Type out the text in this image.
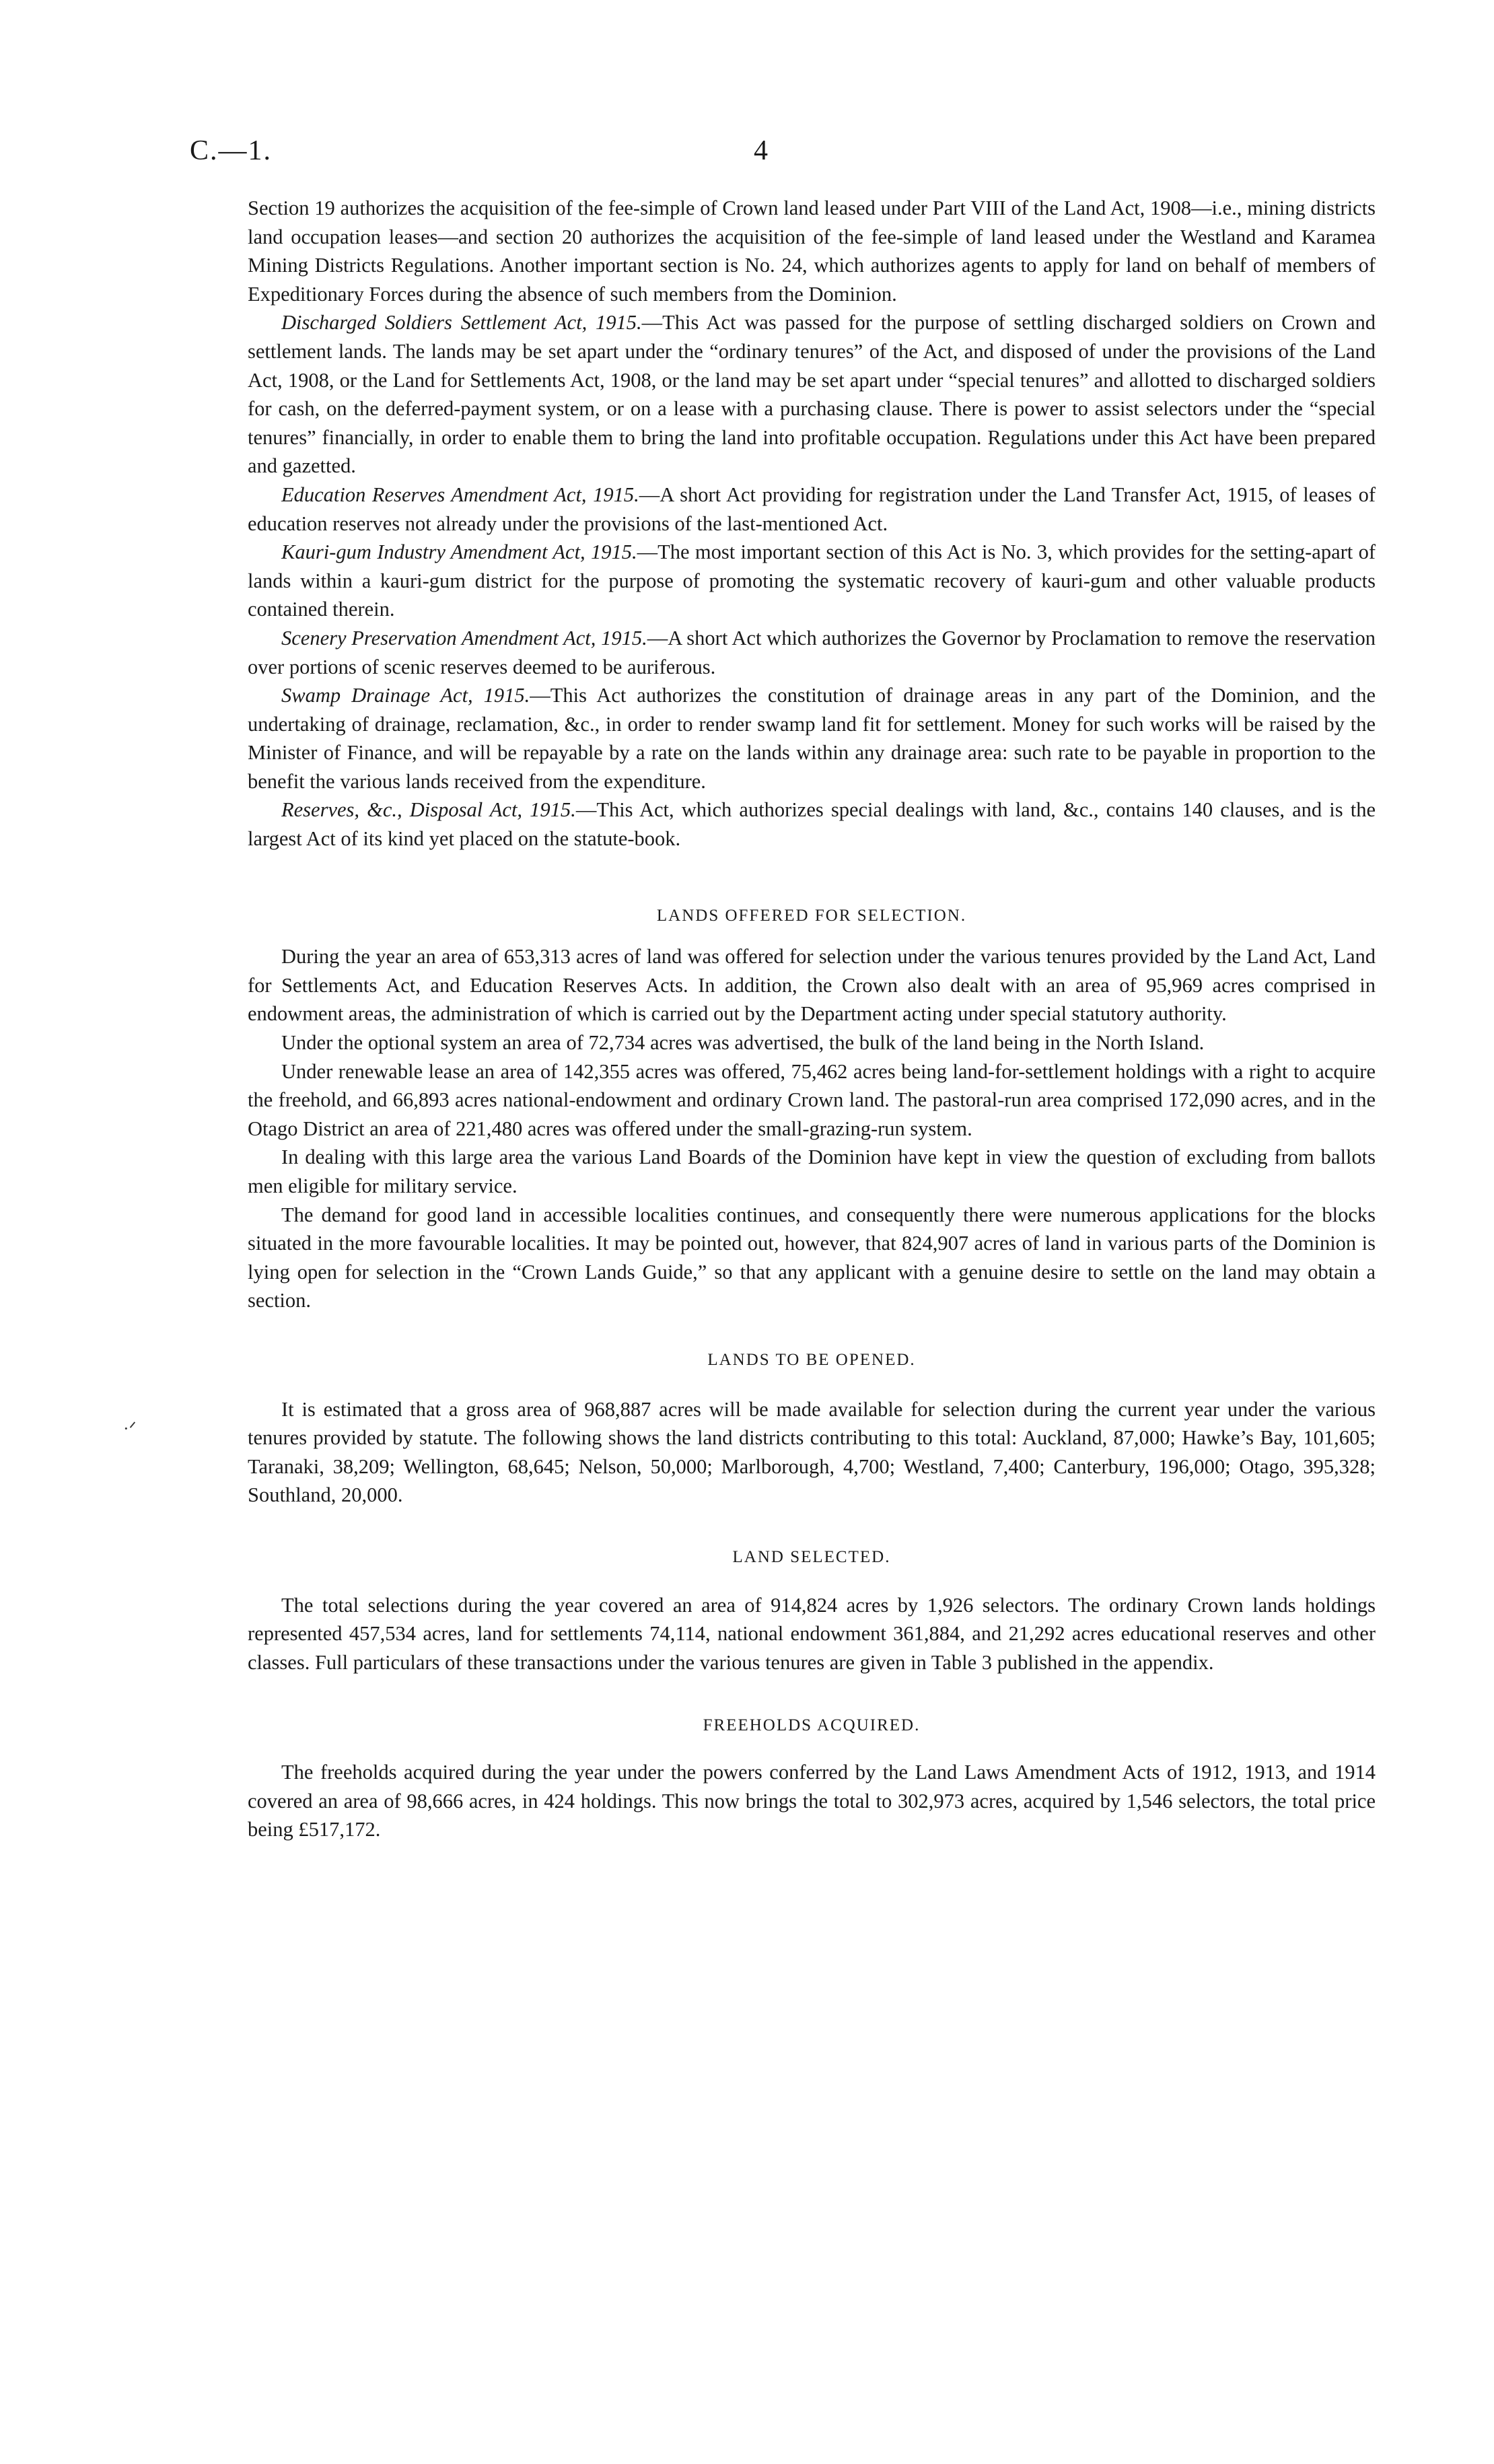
C.—1.	4
·ᐟ

Section 19 authorizes the acquisition of the fee-simple of Crown land leased under Part VIII of the Land Act, 1908—i.e., mining districts land occupation leases—and section 20 authorizes the acquisition of the fee-simple of land leased under the Westland and Karamea Mining Districts Regulations. Another important section is No. 24, which authorizes agents to apply for land on behalf of members of Expeditionary Forces during the absence of such members from the Dominion.

Discharged Soldiers Settlement Act, 1915.—This Act was passed for the purpose of settling discharged soldiers on Crown and settlement lands. The lands may be set apart under the “ordinary tenures” of the Act, and disposed of under the provisions of the Land Act, 1908, or the Land for Settlements Act, 1908, or the land may be set apart under “special tenures” and allotted to discharged soldiers for cash, on the deferred-payment system, or on a lease with a purchasing clause. There is power to assist selectors under the “special tenures” financially, in order to enable them to bring the land into profitable occupation. Regulations under this Act have been prepared and gazetted.

Education Reserves Amendment Act, 1915.—A short Act providing for registration under the Land Transfer Act, 1915, of leases of education reserves not already under the provisions of the last-mentioned Act.

Kauri-gum Industry Amendment Act, 1915.—The most important section of this Act is No. 3, which provides for the setting-apart of lands within a kauri-gum district for the purpose of promoting the systematic recovery of kauri-gum and other valuable products contained therein.

Scenery Preservation Amendment Act, 1915.—A short Act which authorizes the Governor by Proclamation to remove the reservation over portions of scenic reserves deemed to be auriferous.

Swamp Drainage Act, 1915.—This Act authorizes the constitution of drainage areas in any part of the Dominion, and the undertaking of drainage, reclamation, &c., in order to render swamp land fit for settlement. Money for such works will be raised by the Minister of Finance, and will be repayable by a rate on the lands within any drainage area: such rate to be payable in proportion to the benefit the various lands received from the expenditure.

Reserves, &c., Disposal Act, 1915.—This Act, which authorizes special dealings with land, &c., contains 140 clauses, and is the largest Act of its kind yet placed on the statute-book.

LANDS OFFERED FOR SELECTION.

During the year an area of 653,313 acres of land was offered for selection under the various tenures provided by the Land Act, Land for Settlements Act, and Education Reserves Acts. In addition, the Crown also dealt with an area of 95,969 acres comprised in endowment areas, the administration of which is carried out by the Department acting under special statutory authority.

Under the optional system an area of 72,734 acres was advertised, the bulk of the land being in the North Island.

Under renewable lease an area of 142,355 acres was offered, 75,462 acres being land-for-settlement holdings with a right to acquire the freehold, and 66,893 acres national-endowment and ordinary Crown land. The pastoral-run area comprised 172,090 acres, and in the Otago District an area of 221,480 acres was offered under the small-grazing-run system.

In dealing with this large area the various Land Boards of the Dominion have kept in view the question of excluding from ballots men eligible for military service.

The demand for good land in accessible localities continues, and consequently there were numerous applications for the blocks situated in the more favourable localities. It may be pointed out, however, that 824,907 acres of land in various parts of the Dominion is lying open for selection in the “Crown Lands Guide,” so that any applicant with a genuine desire to settle on the land may obtain a section.

LANDS TO BE OPENED.

It is estimated that a gross area of 968,887 acres will be made available for selection during the current year under the various tenures provided by statute. The following shows the land districts contributing to this total: Auckland, 87,000; Hawke’s Bay, 101,605; Taranaki, 38,209; Wellington, 68,645; Nelson, 50,000; Marlborough, 4,700; Westland, 7,400; Canterbury, 196,000; Otago, 395,328; Southland, 20,000.

LAND SELECTED.

The total selections during the year covered an area of 914,824 acres by 1,926 selectors. The ordinary Crown lands holdings represented 457,534 acres, land for settlements 74,114, national endowment 361,884, and 21,292 acres educational reserves and other classes. Full particulars of these transactions under the various tenures are given in Table 3 published in the appendix.

FREEHOLDS ACQUIRED.

The freeholds acquired during the year under the powers conferred by the Land Laws Amendment Acts of 1912, 1913, and 1914 covered an area of 98,666 acres, in 424 holdings. This now brings the total to 302,973 acres, acquired by 1,546 selectors, the total price being £517,172.
